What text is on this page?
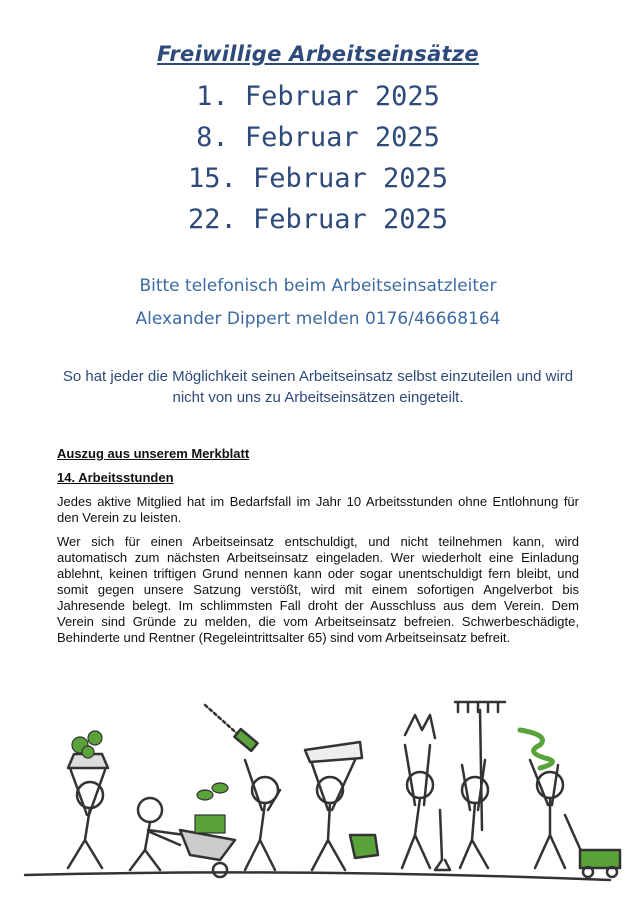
Freiwillige Arbeitseinsätze
1. Februar 2025
8. Februar 2025
15. Februar 2025
22. Februar 2025
Bitte telefonisch beim Arbeitseinsatzleiter
Alexander Dippert melden 0176/46668164
So hat jeder die Möglichkeit seinen Arbeitseinsatz selbst einzuteilen und wird nicht von uns zu Arbeitseinsätzen eingeteilt.
Auszug aus unserem Merkblatt
14. Arbeitsstunden

Jedes aktive Mitglied hat im Bedarfsfall im Jahr 10 Arbeitsstunden ohne Entlohnung für den Verein zu leisten.

Wer sich für einen Arbeitseinsatz entschuldigt, und nicht teilnehmen kann, wird automatisch zum nächsten Arbeitseinsatz eingeladen. Wer wiederholt eine Einladung ablehnt, keinen triftigen Grund nennen kann oder sogar unentschuldigt fern bleibt, und somit gegen unsere Satzung verstößt, wird mit einem sofortigen Angelverbot bis Jahresende belegt. Im schlimmsten Fall droht der Ausschluss aus dem Verein. Dem Verein sind Gründe zu melden, die vom Arbeitseinsatz befreien. Schwerbeschädigte, Behinderte und Rentner (Regeleintrittsalter 65) sind vom Arbeitseinsatz befreit.
